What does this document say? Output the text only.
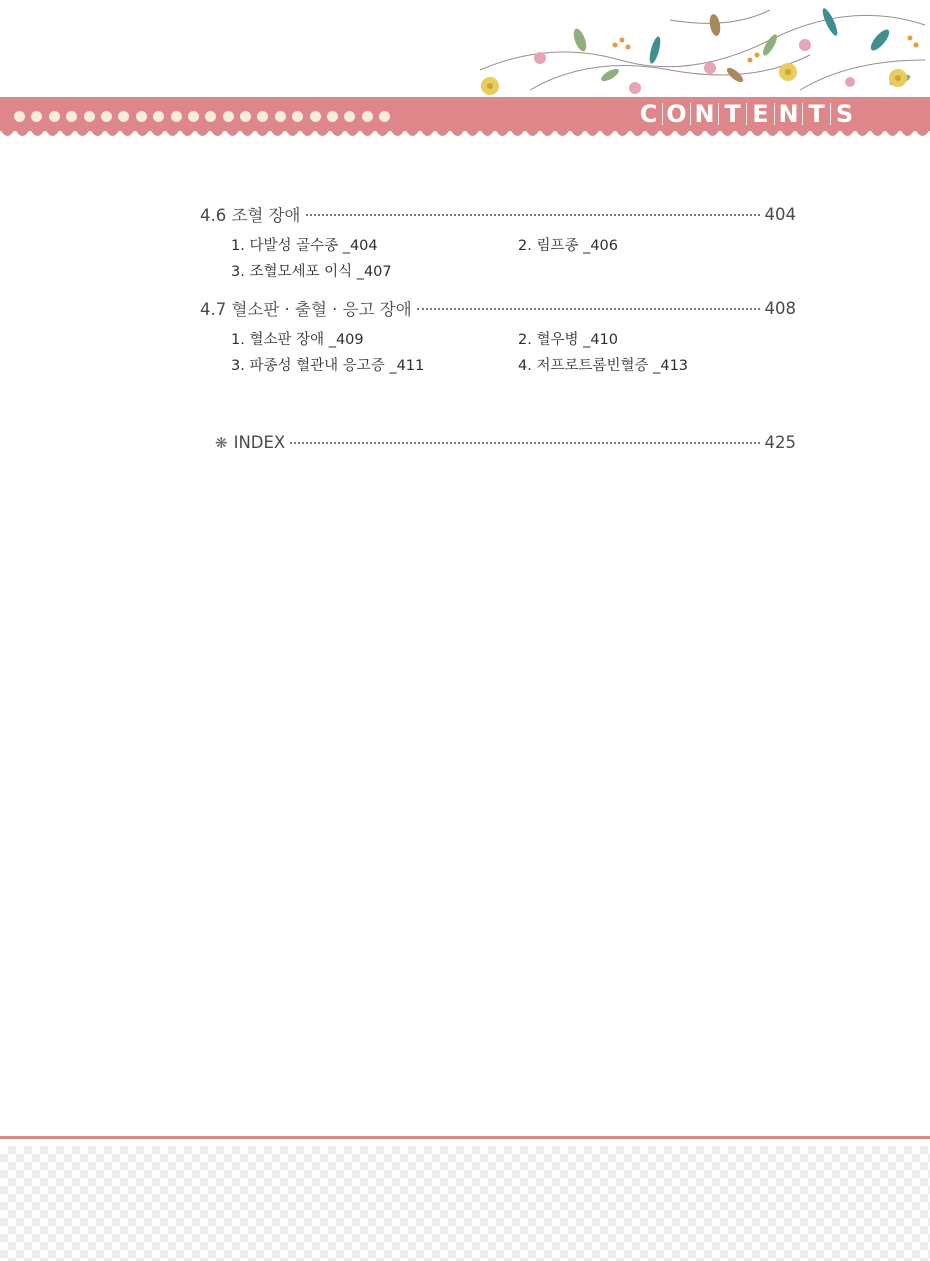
C O N T E N T S
4.6 조혈 장애	404
1. 다발성 골수종 _404	2. 림프종 _406
3. 조혈모세포 이식 _407
4.7 혈소판 · 출혈 · 응고 장애	408
1. 혈소판 장애 _409	2. 혈우병 _410
3. 파종성 혈관내 응고증 _411	4. 저프로트롬빈혈증 _413
❋ INDEX	425
